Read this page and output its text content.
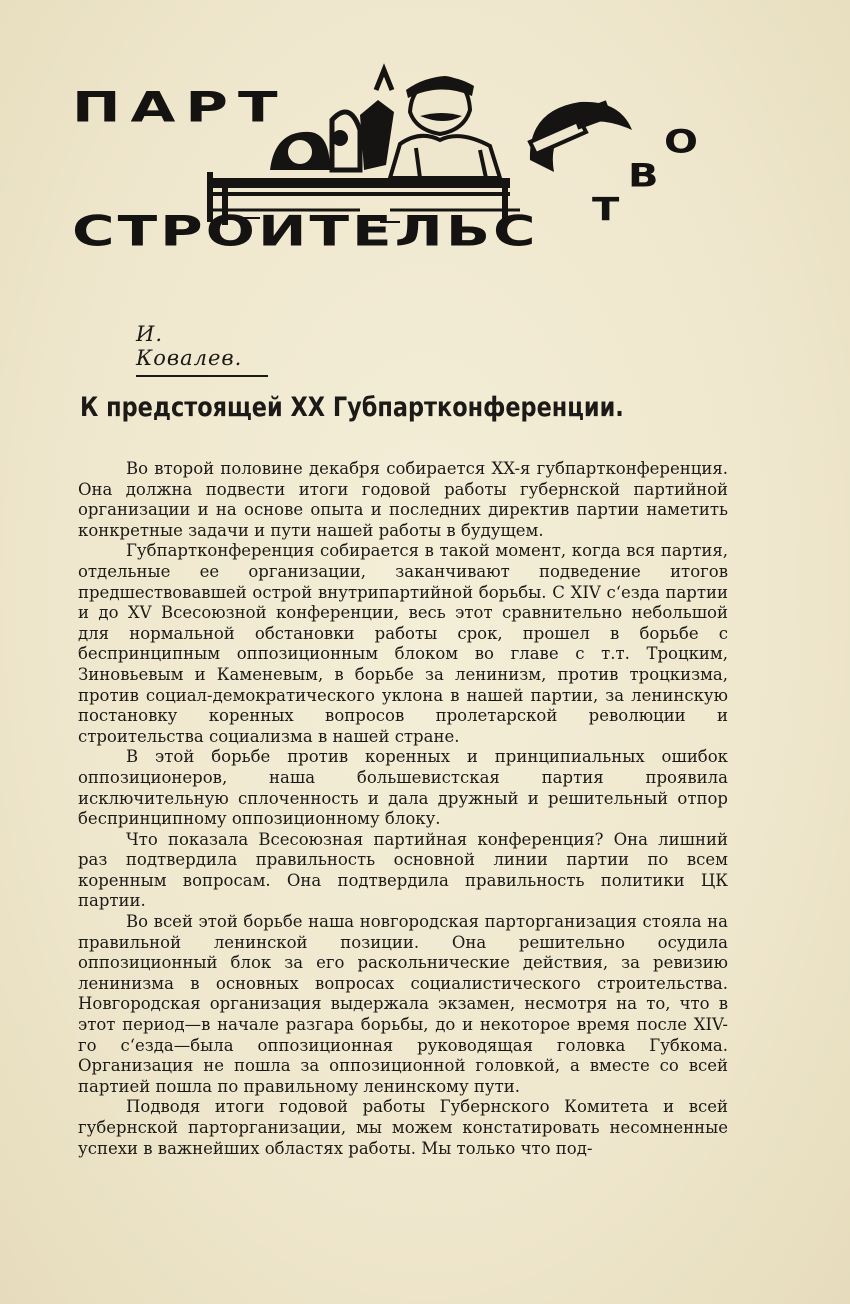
ПАРТ
СТРОИТЕЛЬС
О
В
Т
И. Ковалев.
К предстоящей XX Губпартконференции.

Во второй половине декабря собирается XX-я губпартконференция. Она должна подвести итоги годовой работы губернской партийной организации и на основе опыта и последних директив партии наметить конкретные задачи и пути нашей работы в будущем.

Губпартконференция собирается в такой момент, когда вся партия, отдельные ее организации, заканчивают подведение итогов предшествовавшей острой внутрипартийной борьбы. С XIV с‘езда партии и до XV Всесоюзной конференции, весь этот сравнительно небольшой для нормальной обстановки работы срок, прошел в борьбе с беспринципным оппозиционным блоком во главе с т.т. Троцким, Зиновьевым и Каменевым, в борьбе за ленинизм, против троцкизма, против социал-демократического уклона в нашей партии, за ленинскую постановку коренных вопросов пролетарской революции и строительства социализма в нашей стране.

В этой борьбе против коренных и принципиальных ошибок оппозиционеров, наша большевистская партия проявила исключительную сплоченность и дала дружный и решительный отпор беспринципному оппозиционному блоку.

Что показала Всесоюзная партийная конференция? Она лишний раз подтвердила правильность основной линии партии по всем коренным вопросам. Она подтвердила правильность политики ЦК партии.

Во всей этой борьбе наша новгородская парторганизация стояла на правильной ленинской позиции. Она решительно осудила оппозиционный блок за его раскольнические действия, за ревизию ленинизма в основных вопросах социалистического строительства. Новгородская организация выдержала экзамен, несмотря на то, что в этот период—в начале разгара борьбы, до и некоторое время после XIV-го с‘езда—была оппозиционная руководящая головка Губкома. Организация не пошла за оппозиционной головкой, а вместе со всей партией пошла по правильному ленинскому пути.

Подводя итоги годовой работы Губернского Комитета и всей губернской парторганизации, мы можем констатировать несомненные успехи в важнейших областях работы. Мы только что под-
